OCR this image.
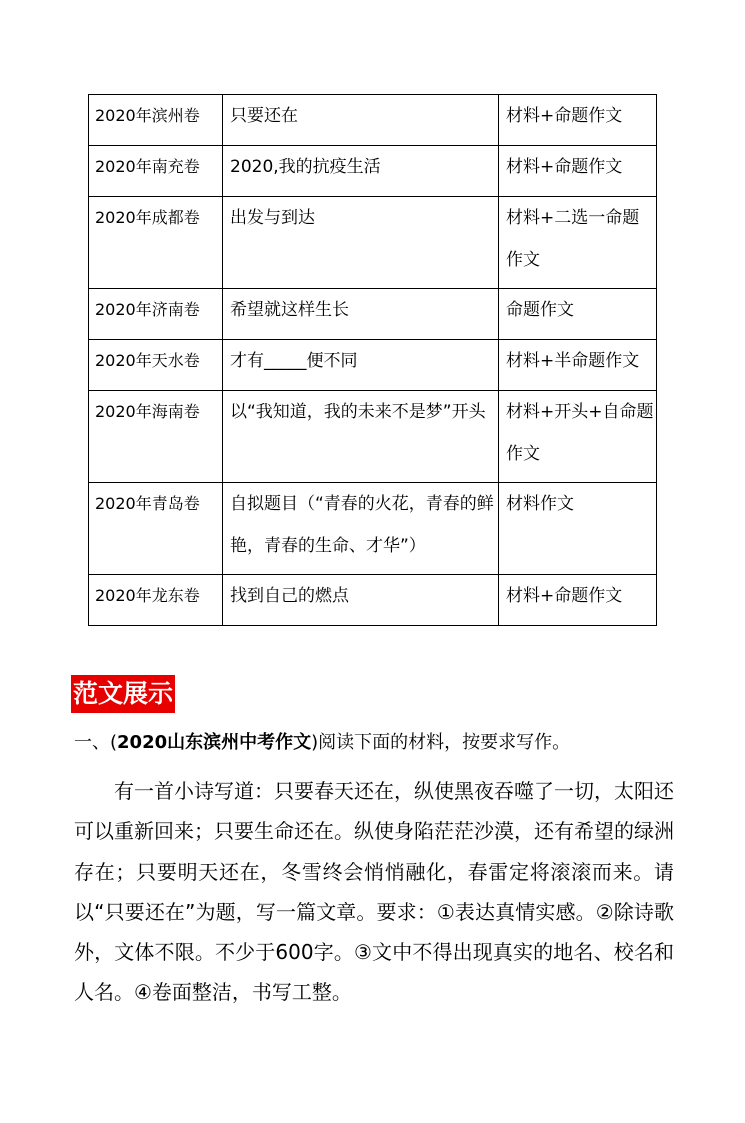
2020年滨州卷	只要还在	材料+命题作文
2020年南充卷	2020,我的抗疫生活	材料+命题作文
2020年成都卷	出发与到达	材料+二选一命题作文
2020年济南卷	希望就这样生长	命题作文
2020年天水卷	才有_____便不同	材料+半命题作文
2020年海南卷	以“我知道，我的未来不是梦”开头	材料+开头+自命题作文
2020年青岛卷	自拟题目（“青春的火花，青春的鲜艳，青春的生命、才华”）	材料作文
2020年龙东卷	找到自己的燃点	材料+命题作文
范文展示
一、(2020山东滨州中考作文)阅读下面的材料，按要求写作。

有一首小诗写道：只要春天还在，纵使黑夜吞噬了一切，太阳还可以重新回来；只要生命还在。纵使身陷茫茫沙漠，还有希望的绿洲存在；只要明天还在，冬雪终会悄悄融化，春雷定将滚滚而来。请以“只要还在”为题，写一篇文章。要求：①表达真情实感。②除诗歌外，文体不限。不少于600字。③文中不得出现真实的地名、校名和人名。④卷面整洁，书写工整。
